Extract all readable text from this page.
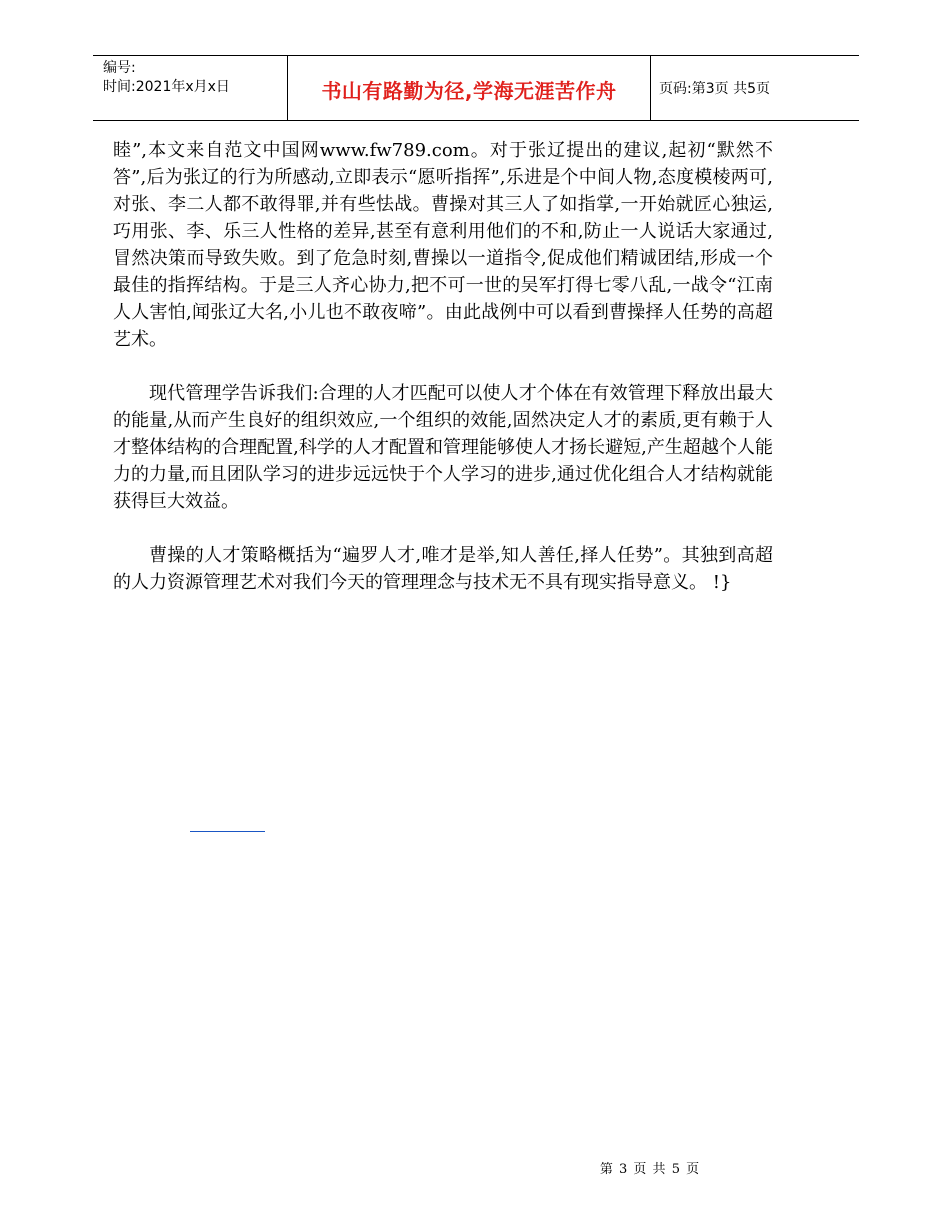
编号:
时间:2021年x月x日	书山有路勤为径,学海无涯苦作舟	页码:第3页 共5页

睦”,本文来自范文中国网www.fw789.com。对于张辽提出的建议,起初“默然不答”,后为张辽的行为所感动,立即表示“愿听指挥”,乐进是个中间人物,态度模棱两可,对张、李二人都不敢得罪,并有些怯战。曹操对其三人了如指掌,一开始就匠心独运,巧用张、李、乐三人性格的差异,甚至有意利用他们的不和,防止一人说话大家通过,冒然决策而导致失败。到了危急时刻,曹操以一道指令,促成他们精诚团结,形成一个最佳的指挥结构。于是三人齐心协力,把不可一世的吴军打得七零八乱,一战令“江南人人害怕,闻张辽大名,小儿也不敢夜啼”。由此战例中可以看到曹操择人任势的高超艺术。

现代管理学告诉我们:合理的人才匹配可以使人才个体在有效管理下释放出最大的能量,从而产生良好的组织效应,一个组织的效能,固然决定人才的素质,更有赖于人才整体结构的合理配置,科学的人才配置和管理能够使人才扬长避短,产生超越个人能力的力量,而且团队学习的进步远远快于个人学习的进步,通过优化组合人才结构就能获得巨大效益。

曹操的人才策略概括为“遍罗人才,唯才是举,知人善任,择人任势”。其独到高超的人力资源管理艺术对我们今天的管理理念与技术无不具有现实指导意义。 !}

第 3 页 共 5 页
